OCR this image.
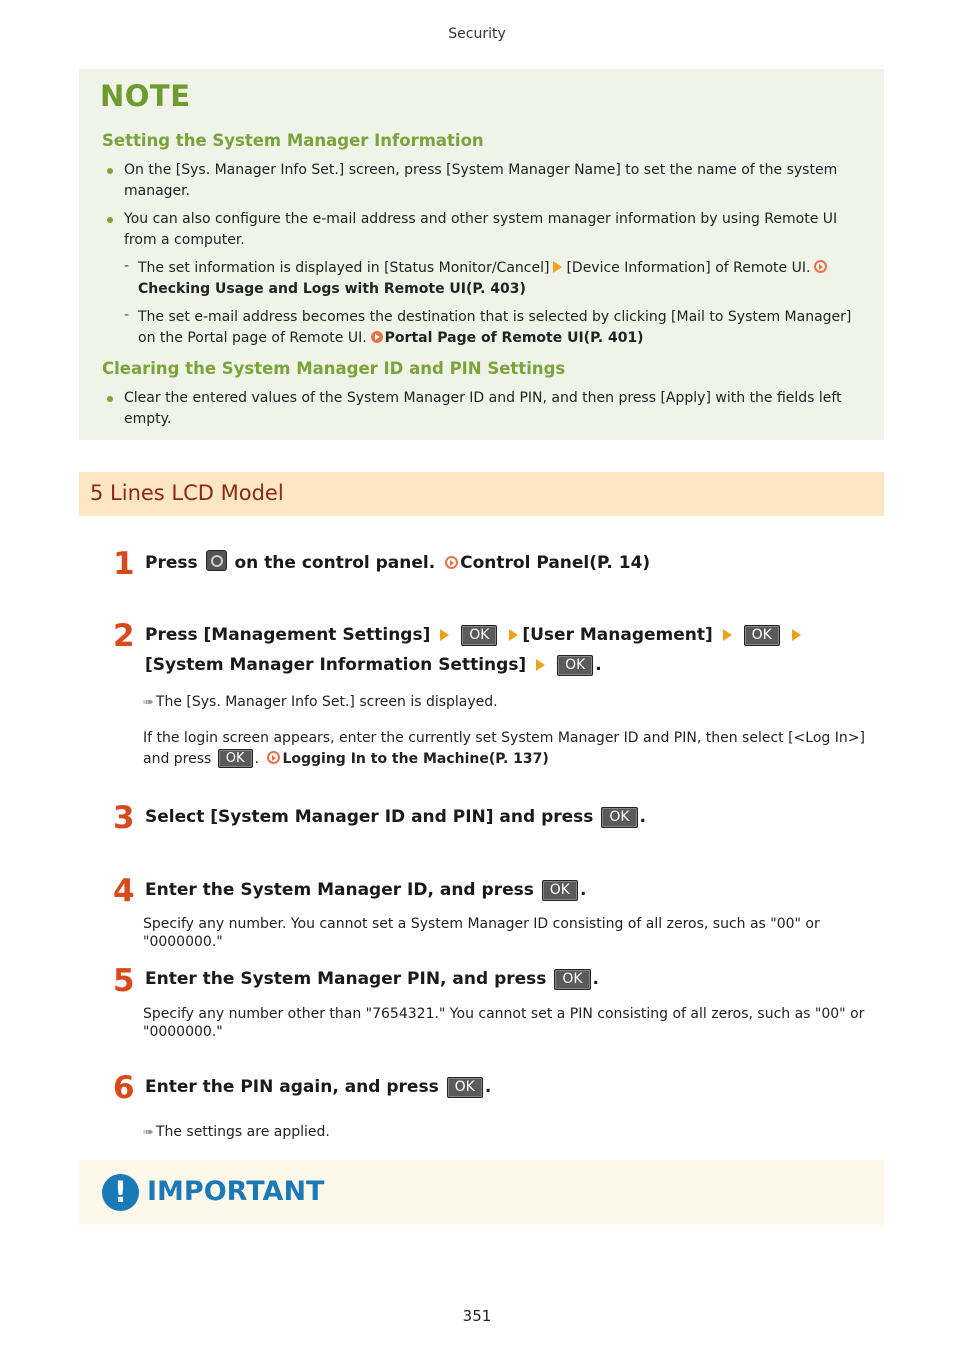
Security
NOTE
Setting the System Manager Information
On the [Sys. Manager Info Set.] screen, press [System Manager Name] to set the name of the system manager.
You can also configure the e-mail address and other system manager information by using Remote UI from a computer.
- The set information is displayed in [Status Monitor/Cancel] [Device Information] of Remote UI.
Checking Usage and Logs with Remote UI(P. 403)
- The set e-mail address becomes the destination that is selected by clicking [Mail to System Manager] on the Portal page of Remote UI. Portal Page of Remote UI(P. 401)
Clearing the System Manager ID and PIN Settings
Clear the entered values of the System Manager ID and PIN, and then press [Apply] with the fields left empty.
5 Lines LCD Model
1 Press on the control panel. Control Panel(P. 14)
2 Press [Management Settings]	OK [User Management]	OK [System Manager Information Settings]	OK .
➠ The [Sys. Manager Info Set.] screen is displayed.
If the login screen appears, enter the currently set System Manager ID and PIN, then select [<Log In>] and press OK . Logging In to the Machine(P. 137)
3 Select [System Manager ID and PIN] and press OK .
4 Enter the System Manager ID, and press OK .
Specify any number. You cannot set a System Manager ID consisting of all zeros, such as "00" or "0000000."
5 Enter the System Manager PIN, and press OK .
Specify any number other than "7654321." You cannot set a PIN consisting of all zeros, such as "00" or "0000000."
6 Enter the PIN again, and press OK .
➠ The settings are applied.
! IMPORTANT
351
